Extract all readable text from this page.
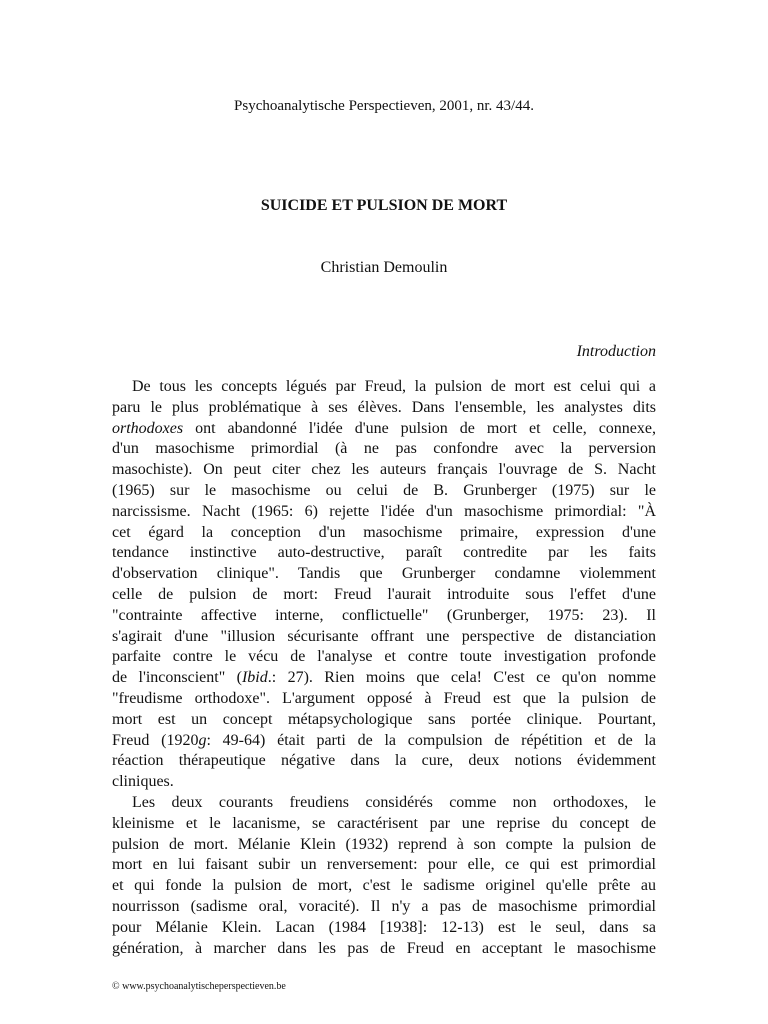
Psychoanalytische Perspectieven, 2001, nr. 43/44.
SUICIDE ET PULSION DE MORT
Christian Demoulin
Introduction
De tous les concepts légués par Freud, la pulsion de mort est celui qui a
paru le plus problématique à ses élèves. Dans l'ensemble, les analystes dits
orthodoxes ont abandonné l'idée d'une pulsion de mort et celle, connexe,
d'un masochisme primordial (à ne pas confondre avec la perversion
masochiste). On peut citer chez les auteurs français l'ouvrage de S. Nacht
(1965) sur le masochisme ou celui de B. Grunberger (1975) sur le
narcissisme. Nacht (1965: 6) rejette l'idée d'un masochisme primordial: "À
cet égard la conception d'un masochisme primaire, expression d'une
tendance instinctive auto-destructive, paraît contredite par les faits
d'observation clinique". Tandis que Grunberger condamne violemment
celle de pulsion de mort: Freud l'aurait introduite sous l'effet d'une
"contrainte affective interne, conflictuelle" (Grunberger, 1975: 23). Il
s'agirait d'une "illusion sécurisante offrant une perspective de distanciation
parfaite contre le vécu de l'analyse et contre toute investigation profonde
de l'inconscient" (Ibid.: 27). Rien moins que cela! C'est ce qu'on nomme
"freudisme orthodoxe". L'argument opposé à Freud est que la pulsion de
mort est un concept métapsychologique sans portée clinique. Pourtant,
Freud (1920g: 49-64) était parti de la compulsion de répétition et de la
réaction thérapeutique négative dans la cure, deux notions évidemment
cliniques.
Les deux courants freudiens considérés comme non orthodoxes, le
kleinisme et le lacanisme, se caractérisent par une reprise du concept de
pulsion de mort. Mélanie Klein (1932) reprend à son compte la pulsion de
mort en lui faisant subir un renversement: pour elle, ce qui est primordial
et qui fonde la pulsion de mort, c'est le sadisme originel qu'elle prête au
nourrisson (sadisme oral, voracité). Il n'y a pas de masochisme primordial
pour Mélanie Klein. Lacan (1984 [1938]: 12-13) est le seul, dans sa
génération, à marcher dans les pas de Freud en acceptant le masochisme
© www.psychoanalytischeperspectieven.be
